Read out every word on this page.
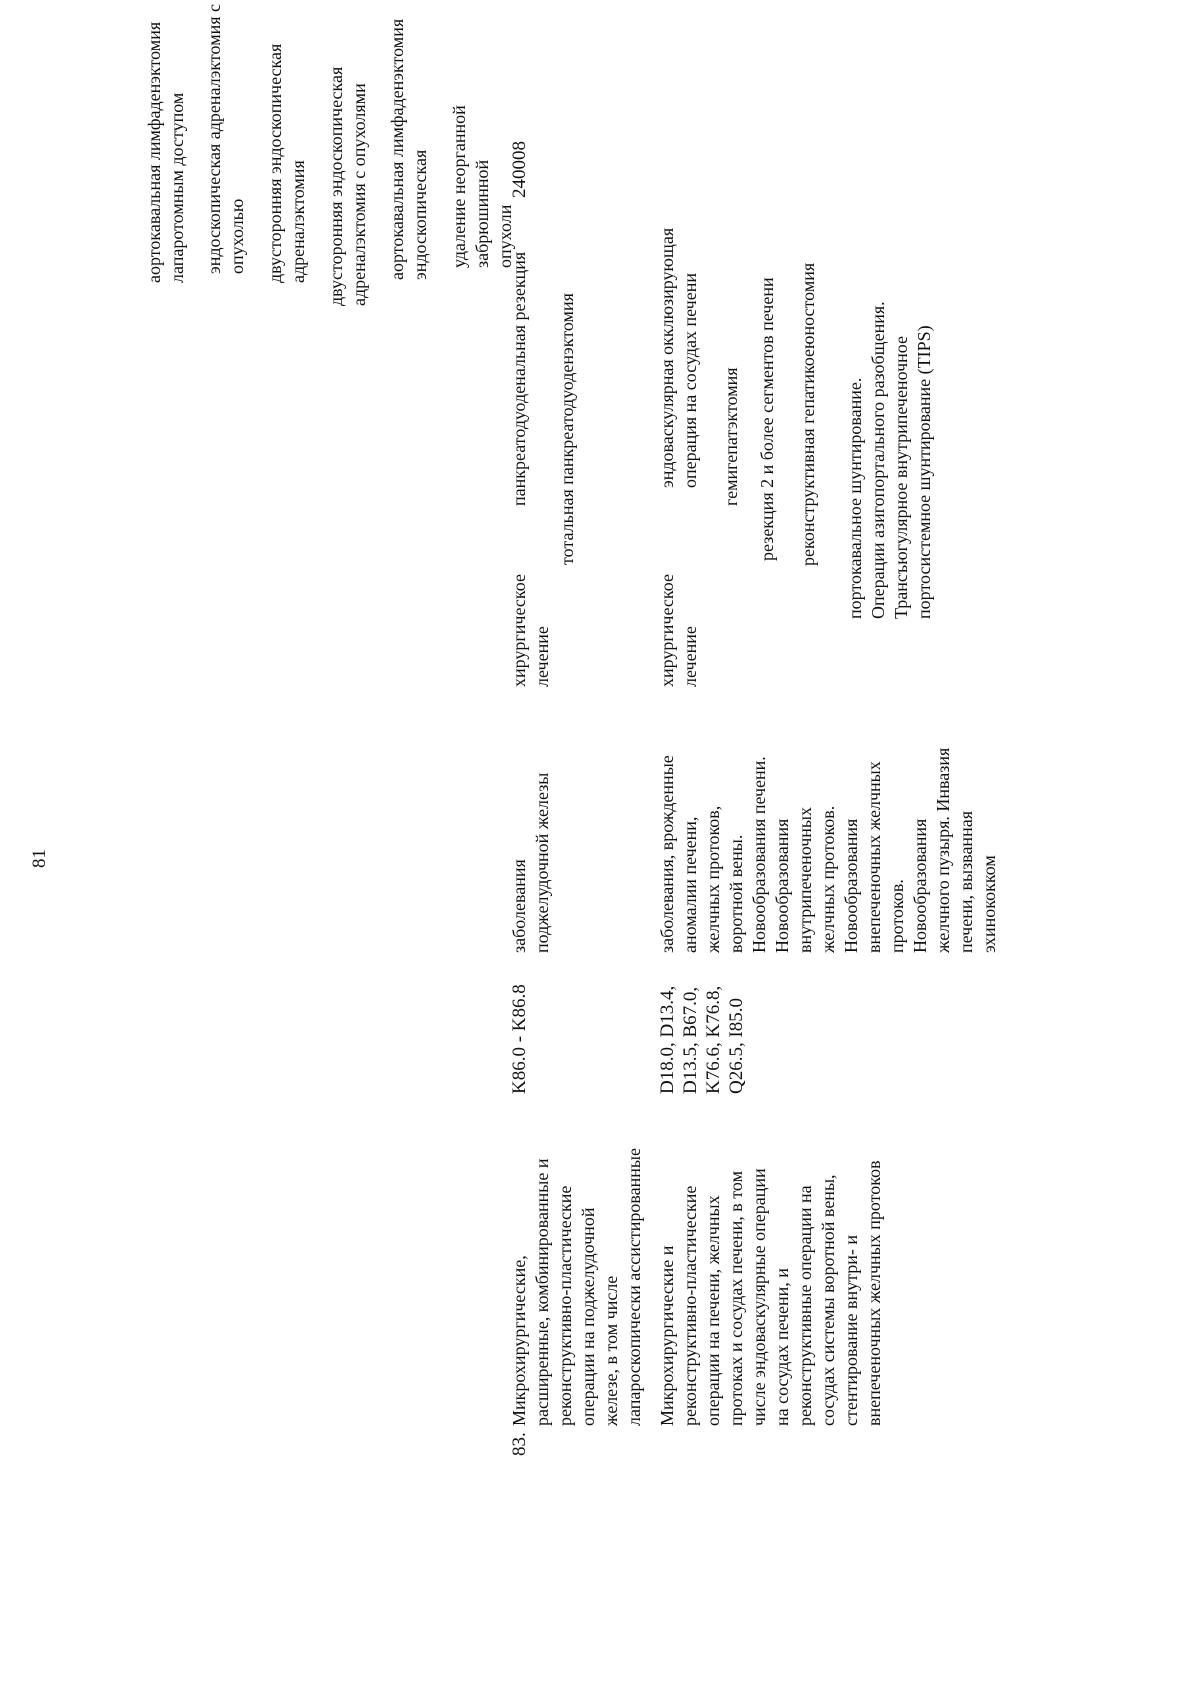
81
240008
аортокавальная лимфаденэктомия
лапаротомным доступом
эндоскопическая адреналэктомия с
опухолью двусторонняя эндоскопическая
адреналэктомия двусторонняя эндоскопическая
адреналэктомия с опухолями
аортокавальная лимфаденэктомия
эндоскопическая удаление неорганной забрюшинной
опухоли
83.
Микрохирургические,
расширенные, комбинированные и
реконструктивно-пластические
операции на поджелудочной
железе, в том числе
лапароскопически ассистированные
K86.0 - K86.8
заболевания
поджелудочной железы
хирургическое
лечение
панкреатодуоденальная резекция тотальная панкреатодуоденэктомия
Микрохирургические и
реконструктивно-пластические
операции на печени, желчных
протоках и сосудах печени, в том
числе эндоваскулярные операции
на сосудах печени, и
реконструктивные операции на
сосудах системы воротной вены,
стентирование внутри- и
внепеченочных желчных протоков
D18.0, D13.4,
D13.5, B67.0,
K76.6, K76.8,
Q26.5, I85.0
заболевания, врожденные
аномалии печени,
желчных протоков,
воротной вены.
Новообразования печени.
Новообразования
внутрипеченочных
желчных протоков.
Новообразования
внепеченочных желчных
протоков.
Новообразования
желчного пузыря. Инвазия
печени, вызванная
эхинококком
хирургическое
лечение
эндоваскулярная окклюзирующая
операция на сосудах печени
гемигепатэктомия резекция 2 и более сегментов печени реконструктивная гепатикоеюностомия портокавальное шунтирование.
Операции азигопортального разобщения.
Трансъюгулярное внутрипеченочное
портосистемное шунтирование (TIPS)
